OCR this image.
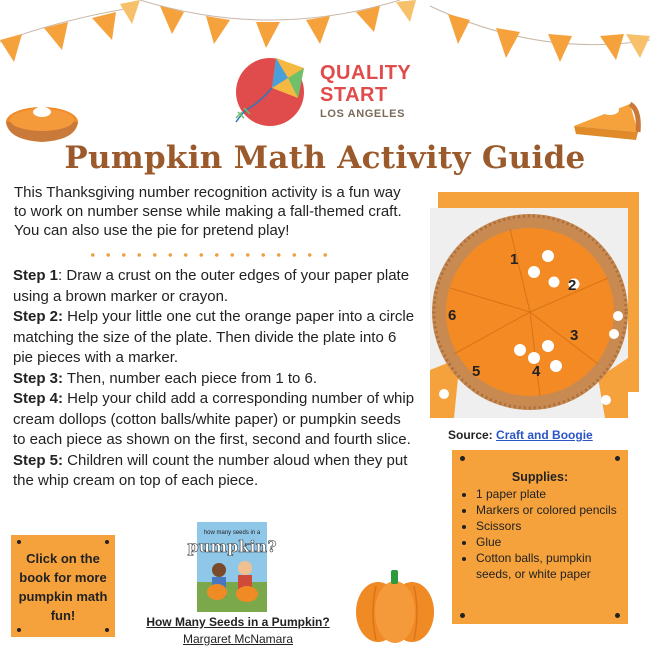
QUALITY
START
LOS ANGELES
Pumpkin Math Activity Guide
This Thanksgiving number recognition activity is a fun way to work on number sense while making a fall-themed craft. You can also use the pie for pretend play!
Step 1: Draw a crust on the outer edges of your paper plate using a brown marker or crayon.
Step 2: Help your little one cut the orange paper into a circle matching the size of the plate. Then divide the plate into 6 pie pieces with a marker.
Step 3: Then, number each piece from 1 to 6.
Step 4: Help your child add a corresponding number of whip cream dollops (cotton balls/white paper) or pumpkin seeds to each piece as shown on the first, second and fourth slice.
Step 5: Children will count the number aloud when they put the whip cream on top of each piece.
1
2
3
4
5
6
Source: Craft and Boogie
Supplies:
• 1 paper plate
• Markers or colored pencils
• Scissors
• Glue
• Cotton balls, pumpkin seeds, or white paper

Click on the book for more pumpkin math fun!

how many seeds in a
pumpkin?
How Many Seeds in a Pumpkin?
Margaret McNamara
